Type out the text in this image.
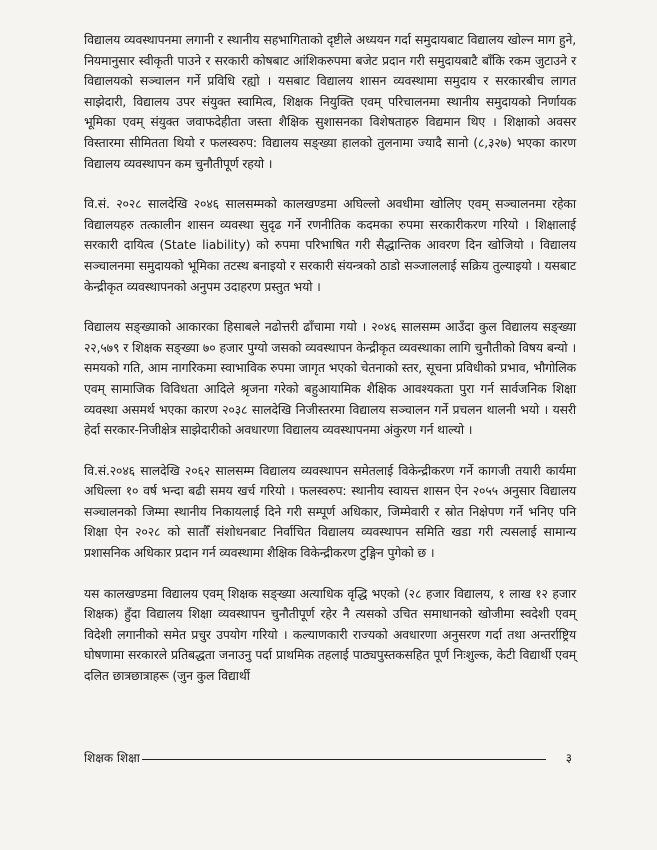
विद्यालय व्यवस्थापनमा लगानी र स्थानीय सहभागिताको दृष्टीले अध्ययन गर्दा समुदायबाट विद्यालय खोल्न माग हुने, नियमानुसार स्वीकृती पाउने र सरकारी कोषबाट आंशिकरुपमा बजेट प्रदान गरी समुदायबाटै बाँकि रकम जुटाउने र विद्यालयको सञ्चालन गर्ने प्रविधि रह्यो । यसबाट विद्यालय शासन व्यवस्थामा समुदाय र सरकारबीच लागत साझेदारी, विद्यालय उपर संयुक्त स्वामित्व, शिक्षक नियुक्ति एवम् परिचालनमा स्थानीय समुदायको निर्णायक भूमिका एवम् संयुक्त जवाफदेहीता जस्ता शैक्षिक सुशासनका विशेषताहरु विद्यमान थिए । शिक्षाको अवसर विस्तारमा सीमितता थियो र फलस्वरुप: विद्यालय सङ्ख्या हालको तुलनामा ज्यादै सानो (८,३२७) भएका कारण विद्यालय व्यवस्थापन कम चुनौतीपूर्ण रहयो ।

वि.सं. २०२८ सालदेखि २०४६ सालसम्मको कालखण्डमा अघिल्लो अवधीमा खोलिए एवम् सञ्चालनमा रहेका विद्यालयहरु तत्कालीन शासन व्यवस्था सुदृढ गर्ने रणनीतिक कदमका रुपमा सरकारीकरण गरियो । शिक्षालाई सरकारी दायित्व (State liability) को रुपमा परिभाषित गरी सैद्धान्तिक आवरण दिन खोजियो । विद्यालय सञ्चालनमा समुदायको भूमिका तटस्थ बनाइयो र सरकारी संयन्त्रको ठाडो सञ्जाललाई सक्रिय तुल्याइयो । यसबाट केन्द्रीकृत व्यवस्थापनको अनुपम उदाहरण प्रस्तुत भयो ।

विद्यालय सङ्ख्याको आकारका हिसाबले नढोत्तरी ढाँचामा गयो । २०४६ सालसम्म आउँदा कुल विद्यालय सङ्ख्या २२,५७९ र शिक्षक सङ्ख्या ७० हजार पुग्यो जसको व्यवस्थापन केन्द्रीकृत व्यवस्थाका लागि चुनौतीको विषय बन्यो । समयको गति, आम नागरिकमा स्वाभाविक रुपमा जागृत भएको चेतनाको स्तर, सूचना प्रविधीको प्रभाव, भौगोलिक एवम् सामाजिक विविधता आदिले श्रृजना गरेको बहुआयामिक शैक्षिक आवश्यकता पुरा गर्न सार्वजनिक शिक्षा व्यवस्था असमर्थ भएका कारण २०३८ सालदेखि निजीस्तरमा विद्यालय सञ्चालन गर्ने प्रचलन थालनी भयो । यसरी हेर्दा सरकार-निजीक्षेत्र साझेदारीको अवधारणा विद्यालय व्यवस्थापनमा अंकुरण गर्न थाल्यो ।

वि.सं.२०४६ सालदेखि २०६२ सालसम्म विद्यालय व्यवस्थापन समेतलाई विकेन्द्रीकरण गर्ने कागजी तयारी कार्यमा अधिल्ला १० वर्ष भन्दा बढी समय खर्च गरियो । फलस्वरुप: स्थानीय स्वायत्त शासन ऐन २०५५ अनुसार विद्यालय सञ्चालनको जिम्मा स्थानीय निकायलाई दिने गरी सम्पूर्ण अधिकार, जिम्मेवारी र स्रोत निक्षेपण गर्ने भनिए पनि शिक्षा ऐन २०२८ को सातौँ संशोधनबाट निर्वाचित विद्यालय व्यवस्थापन समिति खडा गरी त्यसलाई सामान्य प्रशासनिक अधिकार प्रदान गर्न व्यवस्थामा शैक्षिक विकेन्द्रीकरण टुङ्गिन पुगेको छ ।

यस कालखण्डमा विद्यालय एवम् शिक्षक सङ्ख्या अत्याधिक वृद्धि भएको (२८ हजार विद्यालय, १ लाख १२ हजार शिक्षक) हुँदा विद्यालय शिक्षा व्यवस्थापन चुनौतीपूर्ण रहेर नै त्यसको उचित समाधानको खोजीमा स्वदेशी एवम् विदेशी लगानीको समेत प्रचुर उपयोग गरियो । कल्याणकारी राज्यको अवधारणा अनुसरण गर्दा तथा अन्तर्राष्ट्रिय घोषणामा सरकारले प्रतिबद्धता जनाउनु पर्दा प्राथमिक तहलाई पाठ्यपुस्तकसहित पूर्ण निःशुल्क, केटी विद्यार्थी एवम् दलित छात्रछात्राहरू (जुन कुल विद्यार्थी

शिक्षक शिक्षा	३
